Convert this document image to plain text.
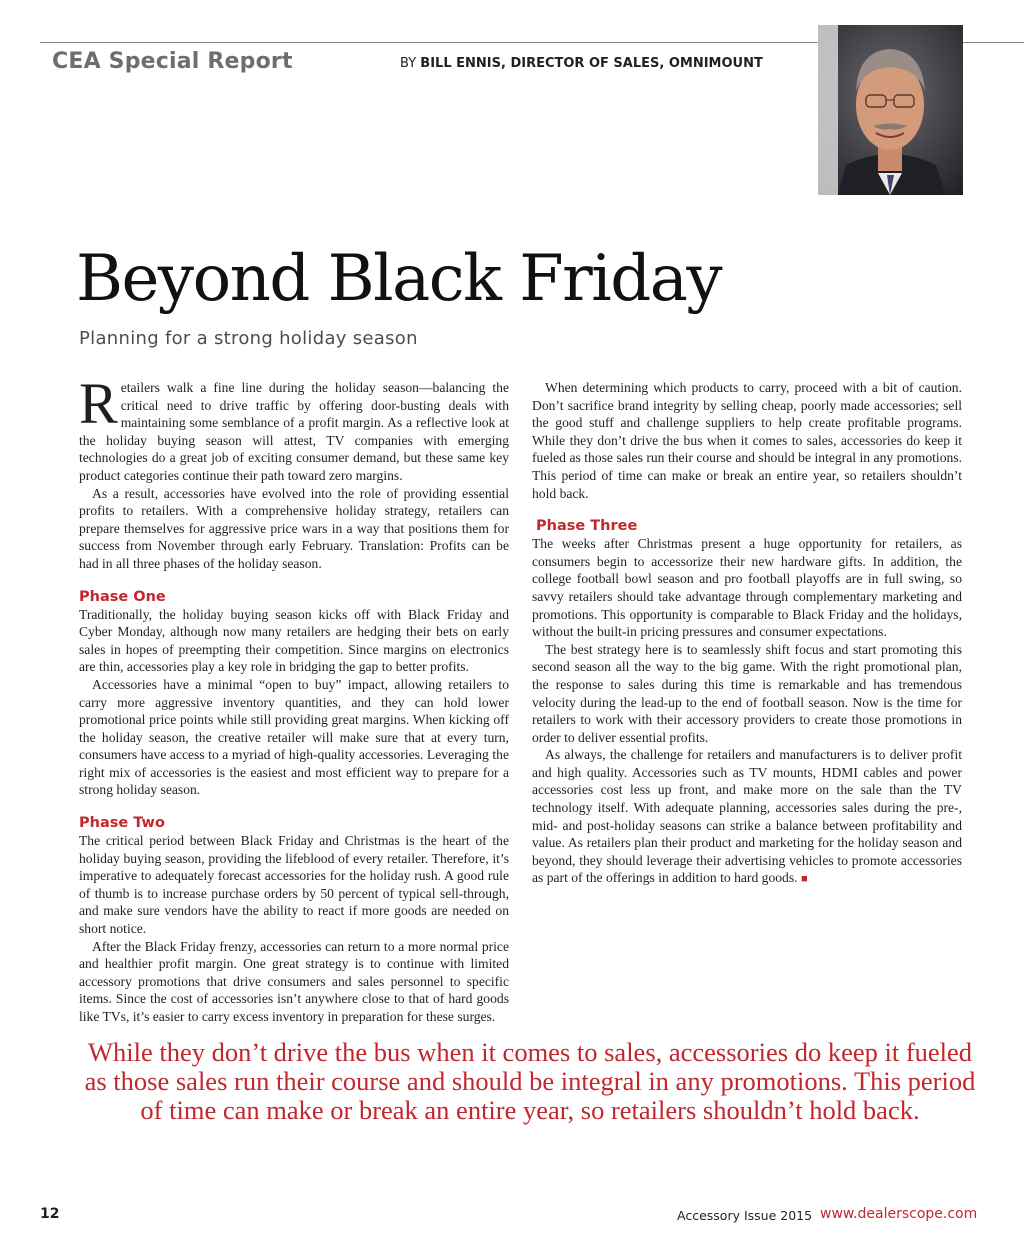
CEA Special Report	BY BILL ENNIS, DIRECTOR OF SALES, OMNIMOUNT
Beyond Black Friday
Planning for a strong holiday season

Retailers walk a fine line during the holiday season—balancing the critical need to drive traffic by offering door-busting deals with maintaining some semblance of a profit margin. As a reflective look at the holiday buying season will attest, TV companies with emerging technologies do a great job of exciting consumer demand, but these same key product categories continue their path toward zero margins.

As a result, accessories have evolved into the role of providing essential profits to retailers. With a comprehensive holiday strategy, retailers can prepare themselves for aggressive price wars in a way that positions them for success from November through early February. Translation: Profits can be had in all three phases of the holiday season.

Phase One

Traditionally, the holiday buying season kicks off with Black Friday and Cyber Monday, although now many retailers are hedging their bets on early sales in hopes of preempting their competition. Since margins on electronics are thin, accessories play a key role in bridging the gap to better profits.

Accessories have a minimal “open to buy” impact, allowing retailers to carry more aggressive inventory quantities, and they can hold lower promotional price points while still providing great margins. When kicking off the holiday season, the creative retailer will make sure that at every turn, consumers have access to a myriad of high-quality accessories. Leveraging the right mix of accessories is the easiest and most efficient way to prepare for a strong holiday season.

Phase Two

The critical period between Black Friday and Christmas is the heart of the holiday buying season, providing the lifeblood of every retailer. Therefore, it’s imperative to adequately forecast accessories for the holiday rush. A good rule of thumb is to increase purchase orders by 50 percent of typical sell-through, and make sure vendors have the ability to react if more goods are needed on short notice.

After the Black Friday frenzy, accessories can return to a more normal price and healthier profit margin. One great strategy is to continue with limited accessory promotions that drive consumers and sales personnel to specific items. Since the cost of accessories isn’t anywhere close to that of hard goods like TVs, it’s easier to carry excess inventory in preparation for these surges.

When determining which products to carry, proceed with a bit of caution. Don’t sacrifice brand integrity by selling cheap, poorly made accessories; sell the good stuff and challenge suppliers to help create profitable programs. While they don’t drive the bus when it comes to sales, accessories do keep it fueled as those sales run their course and should be integral in any promotions. This period of time can make or break an entire year, so retailers shouldn’t hold back.

Phase Three

The weeks after Christmas present a huge opportunity for retailers, as consumers begin to accessorize their new hardware gifts. In addition, the college football bowl season and pro football playoffs are in full swing, so savvy retailers should take advantage through complementary marketing and promotions. This opportunity is comparable to Black Friday and the holidays, without the built-in pricing pressures and consumer expectations.

The best strategy here is to seamlessly shift focus and start promoting this second season all the way to the big game. With the right promotional plan, the response to sales during this time is remarkable and has tremendous velocity during the lead-up to the end of football season. Now is the time for retailers to work with their accessory providers to create those promotions in order to deliver essential profits.

As always, the challenge for retailers and manufacturers is to deliver profit and high quality. Accessories such as TV mounts, HDMI cables and power accessories cost less up front, and make more on the sale than the TV technology itself. With adequate planning, accessories sales during the pre-, mid- and post-holiday seasons can strike a balance between profitability and value. As retailers plan their product and marketing for the holiday season and beyond, they should leverage their advertising vehicles to promote accessories as part of the offerings in addition to hard goods. ■

While they don’t drive the bus when it comes to sales, accessories do keep it fueled as those sales run their course and should be integral in any promotions. This period of time can make or break an entire year, so retailers shouldn’t hold back.

12	Accessory Issue 2015 www.dealerscope.com
